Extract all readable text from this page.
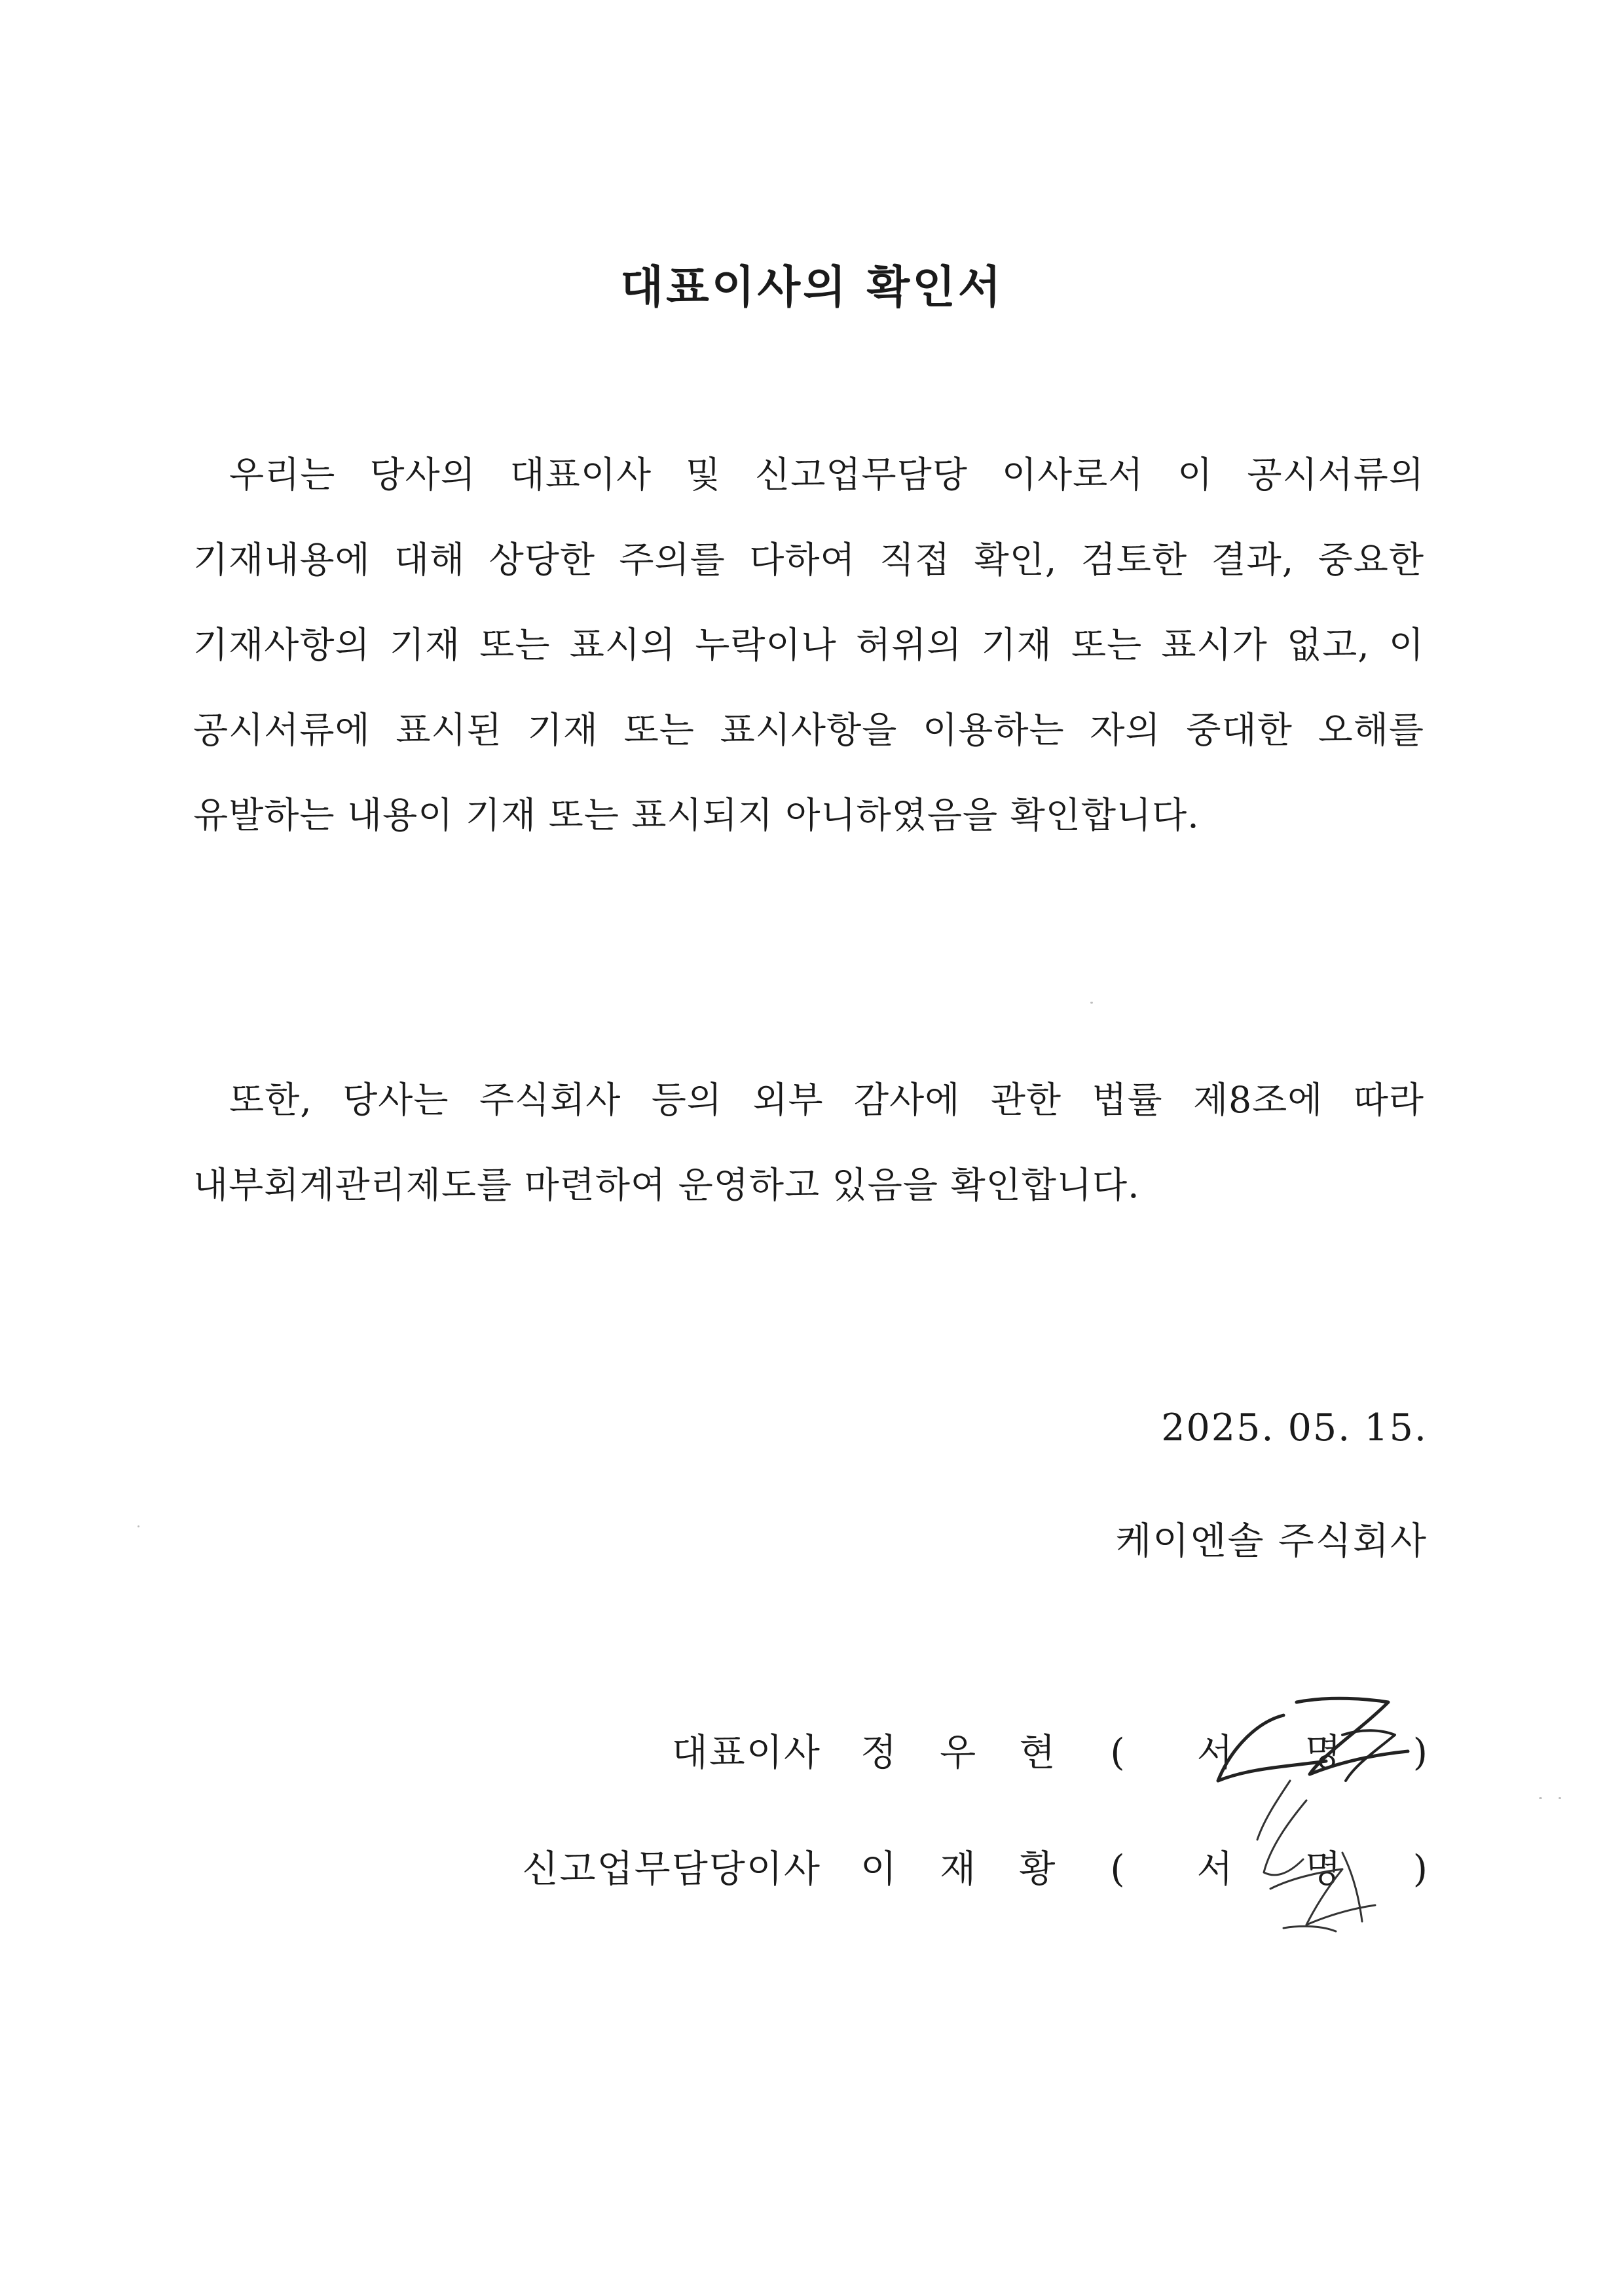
대표이사의 확인서

우리는 당사의 대표이사 및 신고업무담당 이사로서 이 공시서류의 기재내용에 대해 상당한 주의를 다하여 직접 확인, 검토한 결과, 중요한 기재사항의 기재 또는 표시의 누락이나 허위의 기재 또는 표시가 없고, 이 공시서류에 표시된 기재 또는 표시사항을 이용하는 자의 중대한 오해를 유발하는 내용이 기재 또는 표시되지 아니하였음을 확인합니다.

또한, 당사는 주식회사 등의 외부 감사에 관한 법률 제8조에 따라 내부회계관리제도를 마련하여 운영하고 있음을 확인합니다.

2025. 05. 15.

케이엔솔 주식회사

대표이사 정 우 현 (서명)
신고업무담당이사 이 재 황 (서명)
